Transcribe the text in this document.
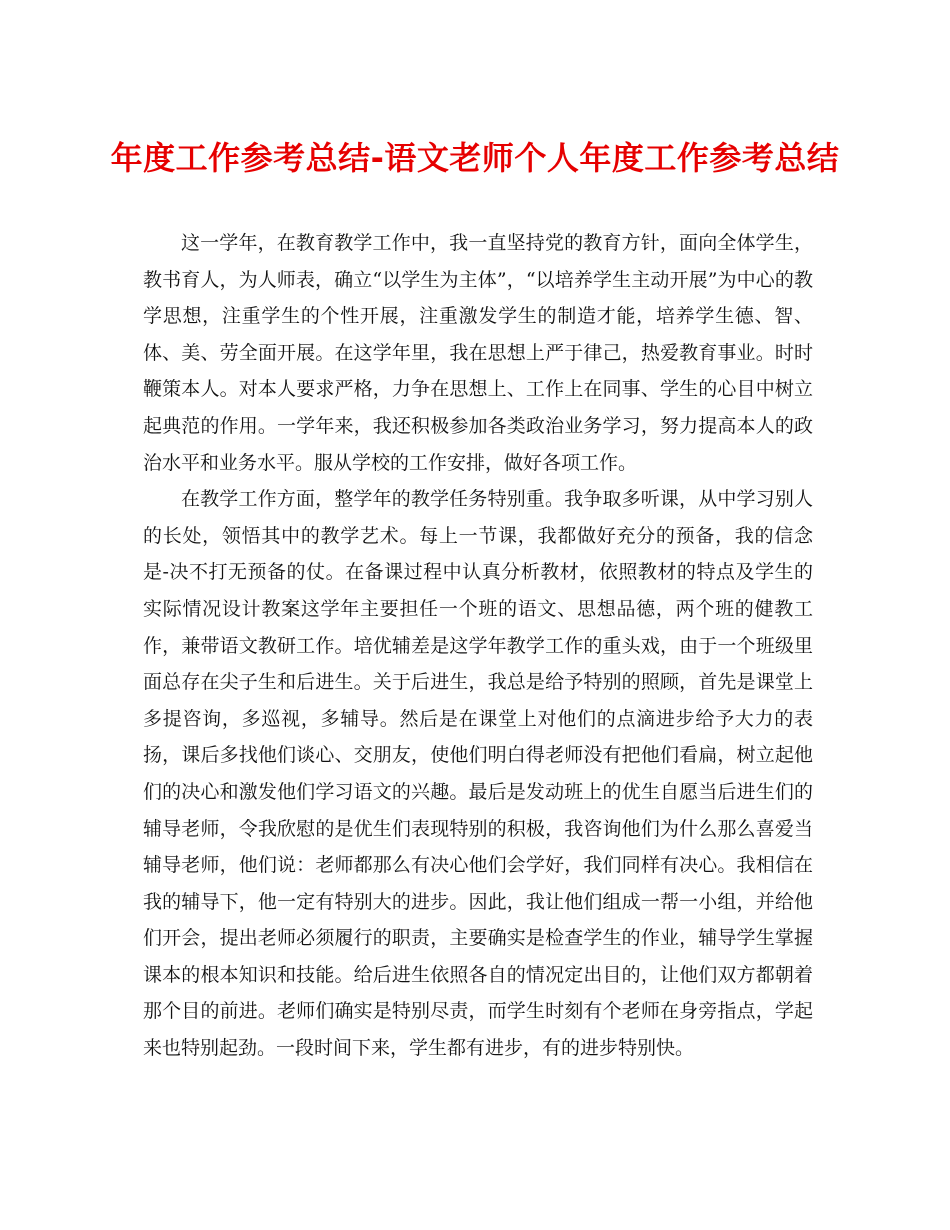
年度工作参考总结-语文老师个人年度工作参考总结

这一学年，在教育教学工作中，我一直坚持党的教育方针，面向全体学生，教书育人，为人师表，确立“以学生为主体”，“以培养学生主动开展”为中心的教学思想，注重学生的个性开展，注重激发学生的制造才能，培养学生德、智、体、美、劳全面开展。在这学年里，我在思想上严于律己，热爱教育事业。时时鞭策本人。对本人要求严格，力争在思想上、工作上在同事、学生的心目中树立起典范的作用。一学年来，我还积极参加各类政治业务学习，努力提高本人的政治水平和业务水平。服从学校的工作安排，做好各项工作。

在教学工作方面，整学年的教学任务特别重。我争取多听课，从中学习别人的长处，领悟其中的教学艺术。每上一节课，我都做好充分的预备，我的信念是-决不打无预备的仗。在备课过程中认真分析教材，依照教材的特点及学生的实际情况设计教案这学年主要担任一个班的语文、思想品德，两个班的健教工作，兼带语文教研工作。培优辅差是这学年教学工作的重头戏，由于一个班级里面总存在尖子生和后进生。关于后进生，我总是给予特别的照顾，首先是课堂上多提咨询，多巡视，多辅导。然后是在课堂上对他们的点滴进步给予大力的表扬，课后多找他们谈心、交朋友，使他们明白得老师没有把他们看扁，树立起他们的决心和激发他们学习语文的兴趣。最后是发动班上的优生自愿当后进生们的辅导老师，令我欣慰的是优生们表现特别的积极，我咨询他们为什么那么喜爱当辅导老师，他们说：老师都那么有决心他们会学好，我们同样有决心。我相信在我的辅导下，他一定有特别大的进步。因此，我让他们组成一帮一小组，并给他们开会，提出老师必须履行的职责，主要确实是检查学生的作业，辅导学生掌握课本的根本知识和技能。给后进生依照各自的情况定出目的，让他们双方都朝着那个目的前进。老师们确实是特别尽责，而学生时刻有个老师在身旁指点，学起来也特别起劲。一段时间下来，学生都有进步，有的进步特别快。
